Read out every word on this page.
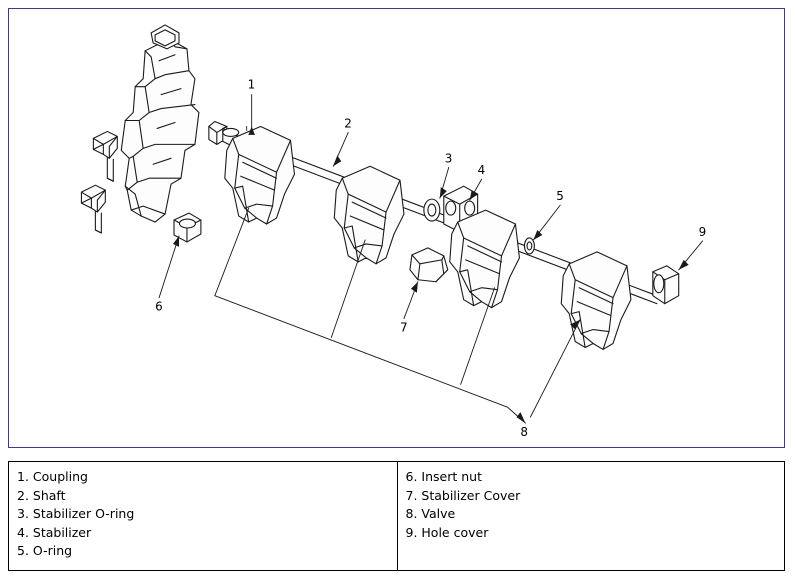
1
2
3
4
5
6
7
8
9
1. Coupling
2. Shaft
3. Stabilizer O-ring
4. Stabilizer
5. O-ring
6. Insert nut
7. Stabilizer Cover
8. Valve
9. Hole cover
